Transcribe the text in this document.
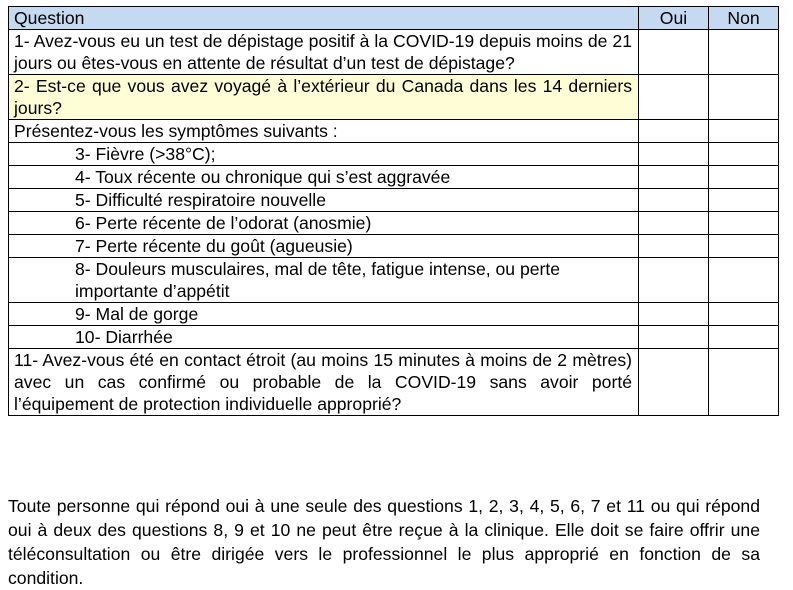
Question	Oui	Non
1- Avez-vous eu un test de dépistage positif à la COVID-19 depuis moins de 21 jours ou êtes-vous en attente de résultat d’un test de dépistage?		
2- Est-ce que vous avez voyagé à l’extérieur du Canada dans les 14 derniers jours?		
Présentez-vous les symptômes suivants :		
3- Fièvre (>38°C);		
4- Toux récente ou chronique qui s’est aggravée		
5- Difficulté respiratoire nouvelle		
6- Perte récente de l’odorat (anosmie)		
7- Perte récente du goût (agueusie)		
8- Douleurs musculaires, mal de tête, fatigue intense, ou perte importante d’appétit		
9- Mal de gorge		
10- Diarrhée		
11- Avez-vous été en contact étroit (au moins 15 minutes à moins de 2 mètres) avec un cas confirmé ou probable de la COVID-19 sans avoir porté l’équipement de protection individuelle approprié?		

Toute personne qui répond oui à une seule des questions 1, 2, 3, 4, 5, 6, 7 et 11 ou qui répond oui à deux des questions 8, 9 et 10 ne peut être reçue à la clinique. Elle doit se faire offrir une téléconsultation ou être dirigée vers le professionnel le plus approprié en fonction de sa condition.
